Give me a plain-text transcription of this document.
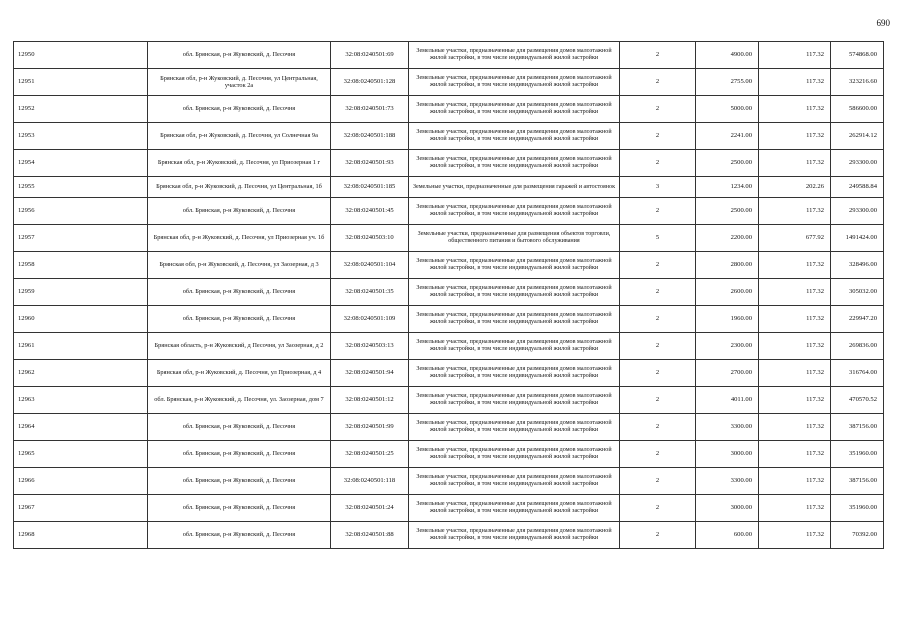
690
12950	обл. Брянская, р-н Жуковский, д. Песочня	32:08:0240501:69	Земельные участки, предназначенные для размещения домов малоэтажной жилой застройки, в том числе индивидуальной жилой застройки	2	4900.00	117.32	574868.00
12951	Брянская обл, р-н Жуковский, д. Песочня, ул Центральная, участок 2а	32:08:0240501:128	Земельные участки, предназначенные для размещения домов малоэтажной жилой застройки, в том числе индивидуальной жилой застройки	2	2755.00	117.32	323216.60
12952	обл. Брянская, р-н Жуковский, д. Песочня	32:08:0240501:73	Земельные участки, предназначенные для размещения домов малоэтажной жилой застройки, в том числе индивидуальной жилой застройки	2	5000.00	117.32	586600.00
12953	Брянская обл, р-н Жуковский, д. Песочня, ул Солнечная 9а	32:08:0240501:188	Земельные участки, предназначенные для размещения домов малоэтажной жилой застройки, в том числе индивидуальной жилой застройки	2	2241.00	117.32	262914.12
12954	Брянская обл, р-н Жуковский, д. Песочня, ул Приозерная 1 г	32:08:0240501:93	Земельные участки, предназначенные для размещения домов малоэтажной жилой застройки, в том числе индивидуальной жилой застройки	2	2500.00	117.32	293300.00
12955	Брянская обл, р-н Жуковский, д. Песочня, ул Центральная, 1б	32:08:0240501:185	Земельные участки, предназначенные для размещения гаражей и автостоянок	3	1234.00	202.26	249588.84
12956	обл. Брянская, р-н Жуковский, д. Песочня	32:08:0240501:45	Земельные участки, предназначенные для размещения домов малоэтажной жилой застройки, в том числе индивидуальной жилой застройки	2	2500.00	117.32	293300.00
12957	Брянская обл, р-н Жуковский, д. Песочня, ул Приозерная уч. 1б	32:08:0240503:10	Земельные участки, предназначенные для размещения объектов торговли, общественного питания и бытового обслуживания	5	2200.00	677.92	1491424.00
12958	Брянская обл, р-н Жуковский, д. Песочня, ул Заозерная, д 3	32:08:0240501:104	Земельные участки, предназначенные для размещения домов малоэтажной жилой застройки, в том числе индивидуальной жилой застройки	2	2800.00	117.32	328496.00
12959	обл. Брянская, р-н Жуковский, д. Песочня	32:08:0240501:35	Земельные участки, предназначенные для размещения домов малоэтажной жилой застройки, в том числе индивидуальной жилой застройки	2	2600.00	117.32	305032.00
12960	обл. Брянская, р-н Жуковский, д. Песочня	32:08:0240501:109	Земельные участки, предназначенные для размещения домов малоэтажной жилой застройки, в том числе индивидуальной жилой застройки	2	1960.00	117.32	229947.20
12961	Брянская область, р-н Жуковский, д Песочня, ул Заозерная, д 2	32:08:0240503:13	Земельные участки, предназначенные для размещения домов малоэтажной жилой застройки, в том числе индивидуальной жилой застройки	2	2300.00	117.32	269836.00
12962	Брянская обл, р-н Жуковский, д. Песочня, ул Приозерная, д 4	32:08:0240501:94	Земельные участки, предназначенные для размещения домов малоэтажной жилой застройки, в том числе индивидуальной жилой застройки	2	2700.00	117.32	316764.00
12963	обл. Брянская, р-н Жуковский, д. Песочня, ул. Заозерная, дом 7	32:08:0240501:12	Земельные участки, предназначенные для размещения домов малоэтажной жилой застройки, в том числе индивидуальной жилой застройки	2	4011.00	117.32	470570.52
12964	обл. Брянская, р-н Жуковский, д. Песочня	32:08:0240501:99	Земельные участки, предназначенные для размещения домов малоэтажной жилой застройки, в том числе индивидуальной жилой застройки	2	3300.00	117.32	387156.00
12965	обл. Брянская, р-н Жуковский, д. Песочня	32:08:0240501:25	Земельные участки, предназначенные для размещения домов малоэтажной жилой застройки, в том числе индивидуальной жилой застройки	2	3000.00	117.32	351960.00
12966	обл. Брянская, р-н Жуковский, д. Песочня	32:08:0240501:118	Земельные участки, предназначенные для размещения домов малоэтажной жилой застройки, в том числе индивидуальной жилой застройки	2	3300.00	117.32	387156.00
12967	обл. Брянская, р-н Жуковский, д. Песочня	32:08:0240501:24	Земельные участки, предназначенные для размещения домов малоэтажной жилой застройки, в том числе индивидуальной жилой застройки	2	3000.00	117.32	351960.00
12968	обл. Брянская, р-н Жуковский, д. Песочня	32:08:0240501:88	Земельные участки, предназначенные для размещения домов малоэтажной жилой застройки, в том числе индивидуальной жилой застройки	2	600.00	117.32	70392.00
